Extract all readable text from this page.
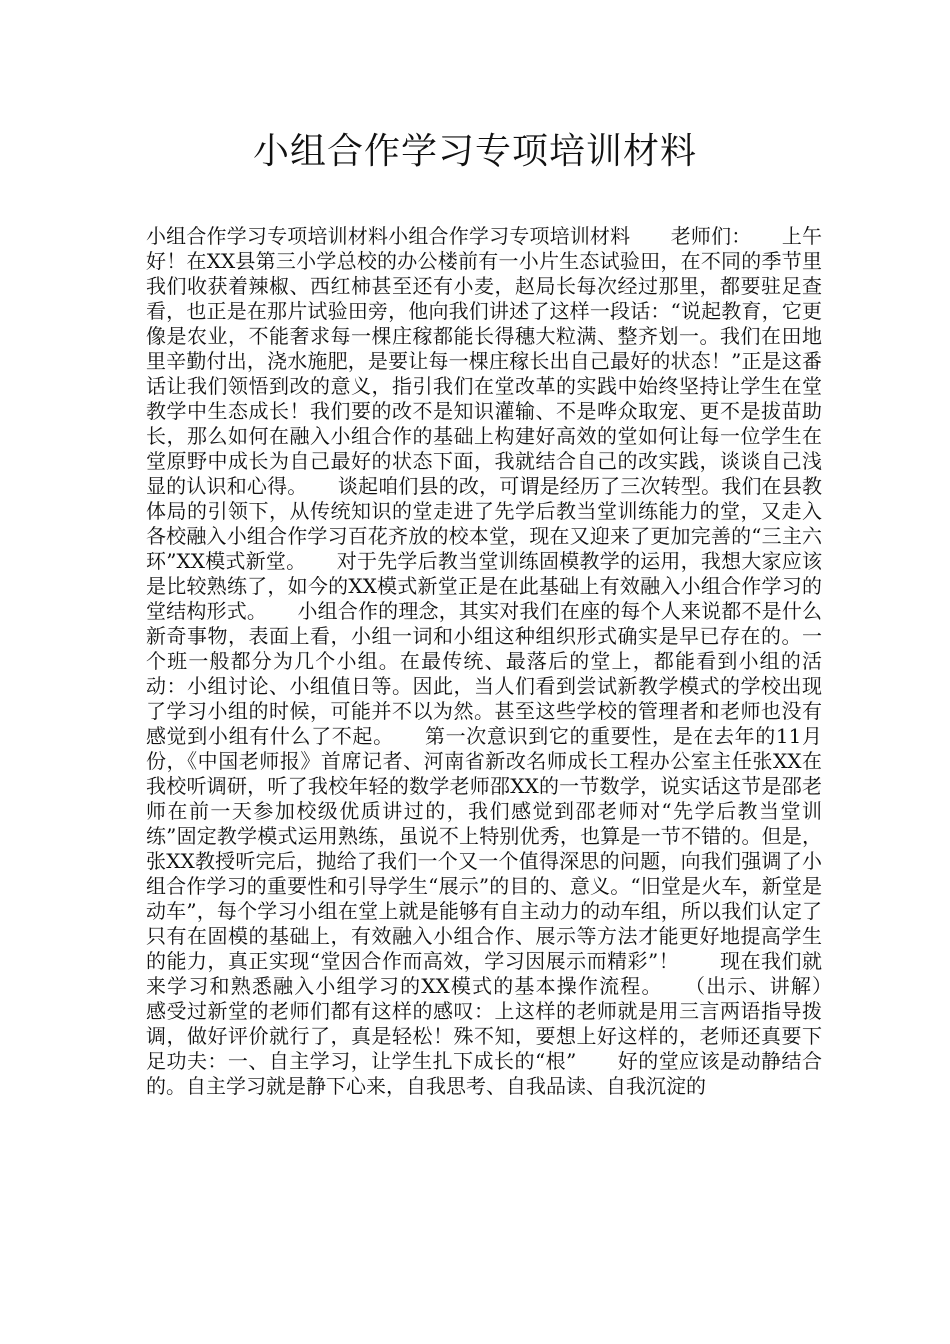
小组合作学习专项培训材料

小组合作学习专项培训材料小组合作学习专项培训材料　　老师们：　　上午好！在XX县第三小学总校的办公楼前有一小片生态试验田，在不同的季节里我们收获着辣椒、西红柿甚至还有小麦，赵局长每次经过那里，都要驻足查看，也正是在那片试验田旁，他向我们讲述了这样一段话：“说起教育，它更像是农业，不能奢求每一棵庄稼都能长得穗大粒满、整齐划一。我们在田地里辛勤付出，浇水施肥，是要让每一棵庄稼长出自己最好的状态！”正是这番话让我们领悟到改的意义，指引我们在堂改革的实践中始终坚持让学生在堂教学中生态成长！我们要的改不是知识灌输、不是哗众取宠、更不是拔苗助长，那么如何在融入小组合作的基础上构建好高效的堂如何让每一位学生在堂原野中成长为自己最好的状态下面，我就结合自己的改实践，谈谈自己浅显的认识和心得。　　谈起咱们县的改，可谓是经历了三次转型。我们在县教体局的引领下，从传统知识的堂走进了先学后教当堂训练能力的堂，又走入各校融入小组合作学习百花齐放的校本堂，现在又迎来了更加完善的“三主六环”XX模式新堂。　　对于先学后教当堂训练固模教学的运用，我想大家应该是比较熟练了，如今的XX模式新堂正是在此基础上有效融入小组合作学习的堂结构形式。　　小组合作的理念，其实对我们在座的每个人来说都不是什么新奇事物，表面上看，小组一词和小组这种组织形式确实是早已存在的。一个班一般都分为几个小组。在最传统、最落后的堂上，都能看到小组的活动：小组讨论、小组值日等。因此，当人们看到尝试新教学模式的学校出现了学习小组的时候，可能并不以为然。甚至这些学校的管理者和老师也没有感觉到小组有什么了不起。　　第一次意识到它的重要性，是在去年的11月份，《中国老师报》首席记者、河南省新改名师成长工程办公室主任张XX在我校听调研，听了我校年轻的数学老师邵XX的一节数学，说实话这节是邵老师在前一天参加校级优质讲过的，我们感觉到邵老师对“先学后教当堂训练”固定教学模式运用熟练，虽说不上特别优秀，也算是一节不错的。但是，张XX教授听完后，抛给了我们一个又一个值得深思的问题，向我们强调了小组合作学习的重要性和引导学生“展示”的目的、意义。“旧堂是火车，新堂是动车”，每个学习小组在堂上就是能够有自主动力的动车组，所以我们认定了只有在固模的基础上，有效融入小组合作、展示等方法才能更好地提高学生的能力，真正实现“堂因合作而高效，学习因展示而精彩”！　　现在我们就来学习和熟悉融入小组学习的XX模式的基本操作流程。　　（出示、讲解）　　感受过新堂的老师们都有这样的感叹：上这样的老师就是用三言两语指导拨调，做好评价就行了，真是轻松！殊不知，要想上好这样的，老师还真要下足功夫：一、自主学习，让学生扎下成长的“根”　　好的堂应该是动静结合的。自主学习就是静下心来，自我思考、自我品读、自我沉淀的
